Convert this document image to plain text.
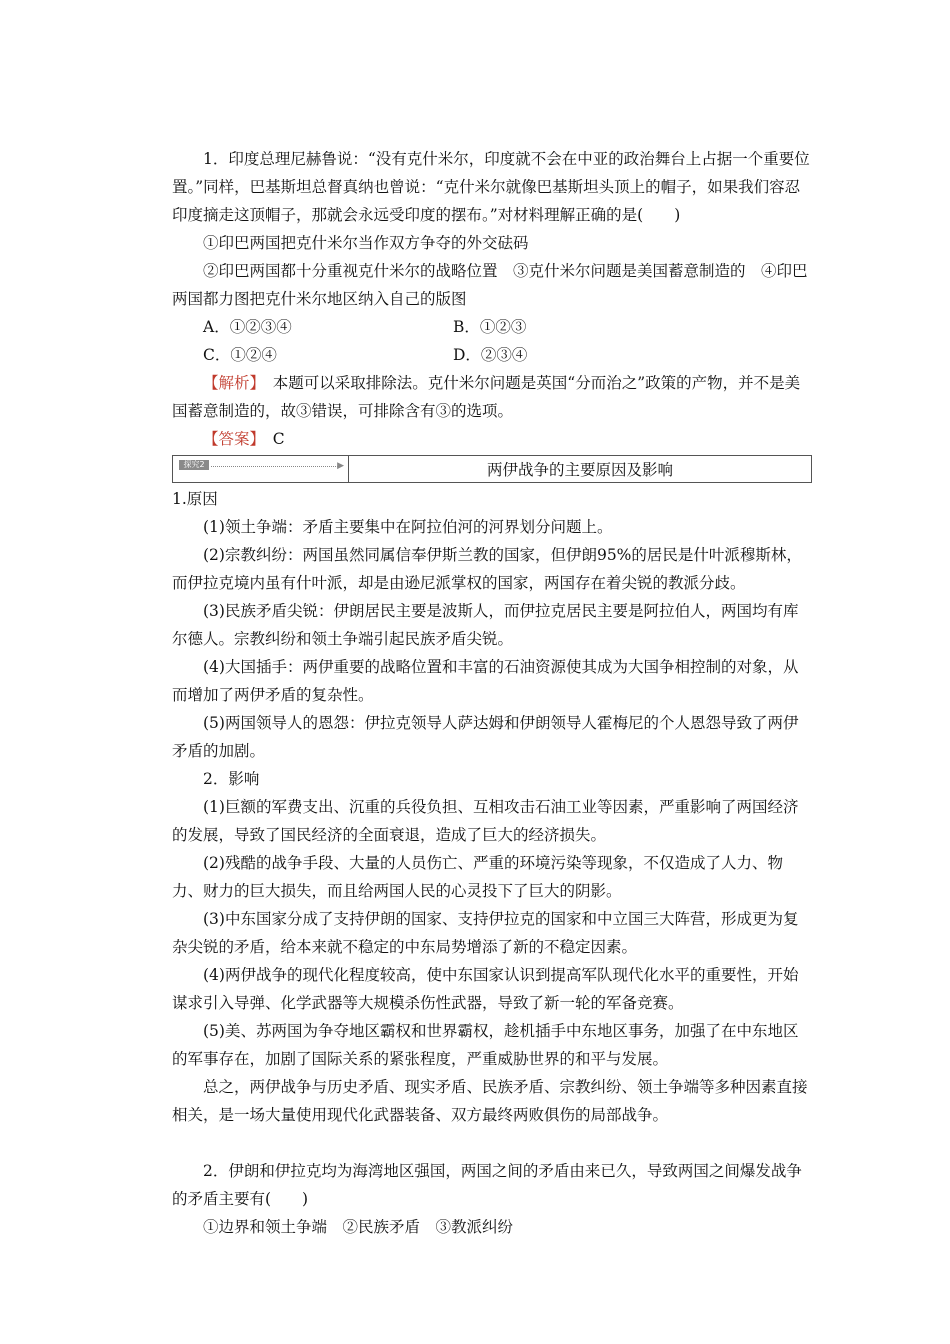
1．印度总理尼赫鲁说：“没有克什米尔，印度就不会在中亚的政治舞台上占据一个重要位置。”同样，巴基斯坦总督真纳也曾说：“克什米尔就像巴基斯坦头顶上的帽子，如果我们容忍印度摘走这顶帽子，那就会永远受印度的摆布。”对材料理解正确的是(　　)

①印巴两国把克什米尔当作双方争夺的外交砝码

②印巴两国都十分重视克什米尔的战略位置　③克什米尔问题是美国蓄意制造的　④印巴两国都力图把克什米尔地区纳入自己的版图

A．①②③④	B．①②③
C．①②④	D．②③④

【解析】　本题可以采取排除法。克什米尔问题是英国“分而治之”政策的产物，并不是美国蓄意制造的，故③错误，可排除含有③的选项。

【答案】　C

探究2	▶	两伊战争的主要原因及影响

1.原因

(1)领土争端：矛盾主要集中在阿拉伯河的河界划分问题上。

(2)宗教纠纷：两国虽然同属信奉伊斯兰教的国家，但伊朗95%的居民是什叶派穆斯林，而伊拉克境内虽有什叶派，却是由逊尼派掌权的国家，两国存在着尖锐的教派分歧。

(3)民族矛盾尖锐：伊朗居民主要是波斯人，而伊拉克居民主要是阿拉伯人，两国均有库尔德人。宗教纠纷和领土争端引起民族矛盾尖锐。

(4)大国插手：两伊重要的战略位置和丰富的石油资源使其成为大国争相控制的对象，从而增加了两伊矛盾的复杂性。

(5)两国领导人的恩怨：伊拉克领导人萨达姆和伊朗领导人霍梅尼的个人恩怨导致了两伊矛盾的加剧。

2．影响

(1)巨额的军费支出、沉重的兵役负担、互相攻击石油工业等因素，严重影响了两国经济的发展，导致了国民经济的全面衰退，造成了巨大的经济损失。

(2)残酷的战争手段、大量的人员伤亡、严重的环境污染等现象，不仅造成了人力、物力、财力的巨大损失，而且给两国人民的心灵投下了巨大的阴影。

(3)中东国家分成了支持伊朗的国家、支持伊拉克的国家和中立国三大阵营，形成更为复杂尖锐的矛盾，给本来就不稳定的中东局势增添了新的不稳定因素。

(4)两伊战争的现代化程度较高，使中东国家认识到提高军队现代化水平的重要性，开始谋求引入导弹、化学武器等大规模杀伤性武器，导致了新一轮的军备竞赛。

(5)美、苏两国为争夺地区霸权和世界霸权，趁机插手中东地区事务，加强了在中东地区的军事存在，加剧了国际关系的紧张程度，严重威胁世界的和平与发展。

总之，两伊战争与历史矛盾、现实矛盾、民族矛盾、宗教纠纷、领土争端等多种因素直接相关，是一场大量使用现代化武器装备、双方最终两败俱伤的局部战争。

2．伊朗和伊拉克均为海湾地区强国，两国之间的矛盾由来已久，导致两国之间爆发战争的矛盾主要有(　　)

①边界和领土争端　②民族矛盾　③教派纠纷
